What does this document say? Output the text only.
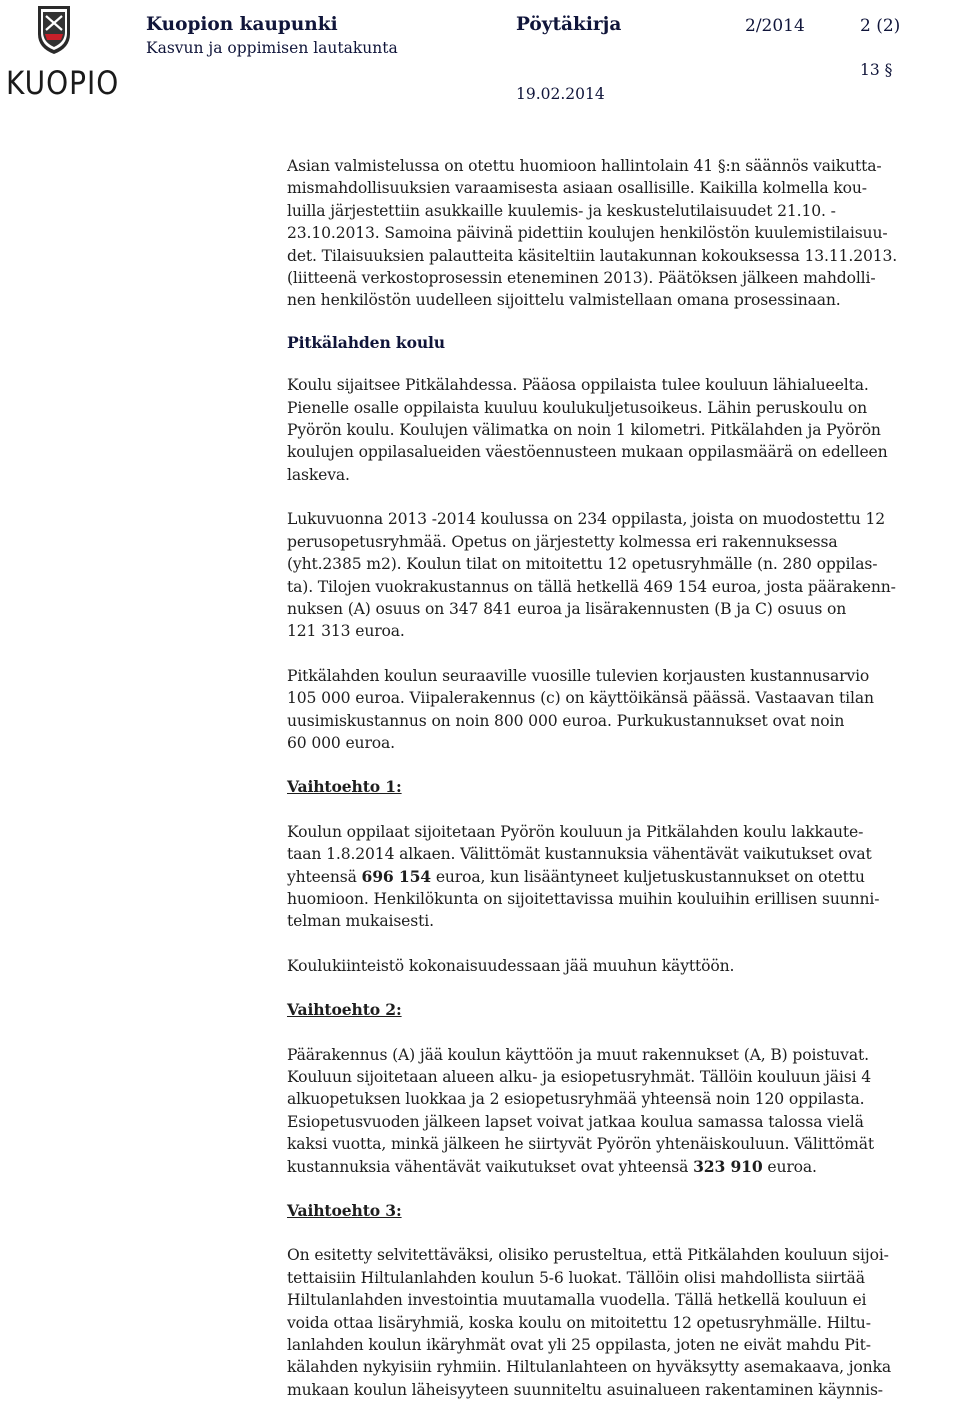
KUOPIO
Kuopion kaupunki
Kasvun ja oppimisen lautakunta
Pöytäkirja	2/2014	2 (2)
13 §
19.02.2014

Asian valmistelussa on otettu huomioon hallintolain 41 §:n säännös vaikutta-
mismahdollisuuksien varaamisesta asiaan osallisille. Kaikilla kolmella kou-
luilla järjestettiin asukkaille kuulemis- ja keskustelutilaisuudet 21.10. -
23.10.2013. Samoina päivinä pidettiin koulujen henkilöstön kuulemistilaisuu-
det. Tilaisuuksien palautteita käsiteltiin lautakunnan kokouksessa 13.11.2013.
(liitteenä verkostoprosessin eteneminen 2013). Päätöksen jälkeen mahdolli-
nen henkilöstön uudelleen sijoittelu valmistellaan omana prosessinaan.

Pitkälahden koulu

Koulu sijaitsee Pitkälahdessa. Pääosa oppilaista tulee kouluun lähialueelta.
Pienelle osalle oppilaista kuuluu koulukuljetusoikeus. Lähin peruskoulu on
Pyörön koulu. Koulujen välimatka on noin 1 kilometri. Pitkälahden ja Pyörön
koulujen oppilasalueiden väestöennusteen mukaan oppilasmäärä on edelleen
laskeva.

Lukuvuonna 2013 -2014 koulussa on 234 oppilasta, joista on muodostettu 12
perusopetusryhmää. Opetus on järjestetty kolmessa eri rakennuksessa
(yht.2385 m2). Koulun tilat on mitoitettu 12 opetusryhmälle (n. 280 oppilas-
ta). Tilojen vuokrakustannus on tällä hetkellä 469 154 euroa, josta päärakenn-
nuksen (A) osuus on 347 841 euroa ja lisärakennusten (B ja C) osuus on
121 313 euroa.

Pitkälahden koulun seuraaville vuosille tulevien korjausten kustannusarvio
105 000 euroa. Viipalerakennus (c) on käyttöikänsä päässä. Vastaavan tilan
uusimiskustannus on noin 800 000 euroa. Purkukustannukset ovat noin
60 000 euroa.

Vaihtoehto 1:

Koulun oppilaat sijoitetaan Pyörön kouluun ja Pitkälahden koulu lakkaute-
taan 1.8.2014 alkaen. Välittömät kustannuksia vähentävät vaikutukset ovat
yhteensä 696 154 euroa, kun lisääntyneet kuljetuskustannukset on otettu
huomioon. Henkilökunta on sijoitettavissa muihin kouluihin erillisen suunni-
telman mukaisesti.

Koulukiinteistö kokonaisuudessaan jää muuhun käyttöön.

Vaihtoehto 2:

Päärakennus (A) jää koulun käyttöön ja muut rakennukset (A, B) poistuvat.
Kouluun sijoitetaan alueen alku- ja esiopetusryhmät. Tällöin kouluun jäisi 4
alkuopetuksen luokkaa ja 2 esiopetusryhmää yhteensä noin 120 oppilasta.
Esiopetusvuoden jälkeen lapset voivat jatkaa koulua samassa talossa vielä
kaksi vuotta, minkä jälkeen he siirtyvät Pyörön yhtenäiskouluun. Välittömät
kustannuksia vähentävät vaikutukset ovat yhteensä 323 910 euroa.

Vaihtoehto 3:

On esitetty selvitettäväksi, olisiko perusteltua, että Pitkälahden kouluun sijoi-
tettaisiin Hiltulanlahden koulun 5-6 luokat. Tällöin olisi mahdollista siirtää
Hiltulanlahden investointia muutamalla vuodella. Tällä hetkellä kouluun ei
voida ottaa lisäryhmiä, koska koulu on mitoitettu 12 opetusryhmälle. Hiltu-
lanlahden koulun ikäryhmät ovat yli 25 oppilasta, joten ne eivät mahdu Pit-
kälahden nykyisiin ryhmiin. Hiltulanlahteen on hyväksytty asemakaava, jonka
mukaan koulun läheisyyteen suunniteltu asuinalueen rakentaminen käynnis-
